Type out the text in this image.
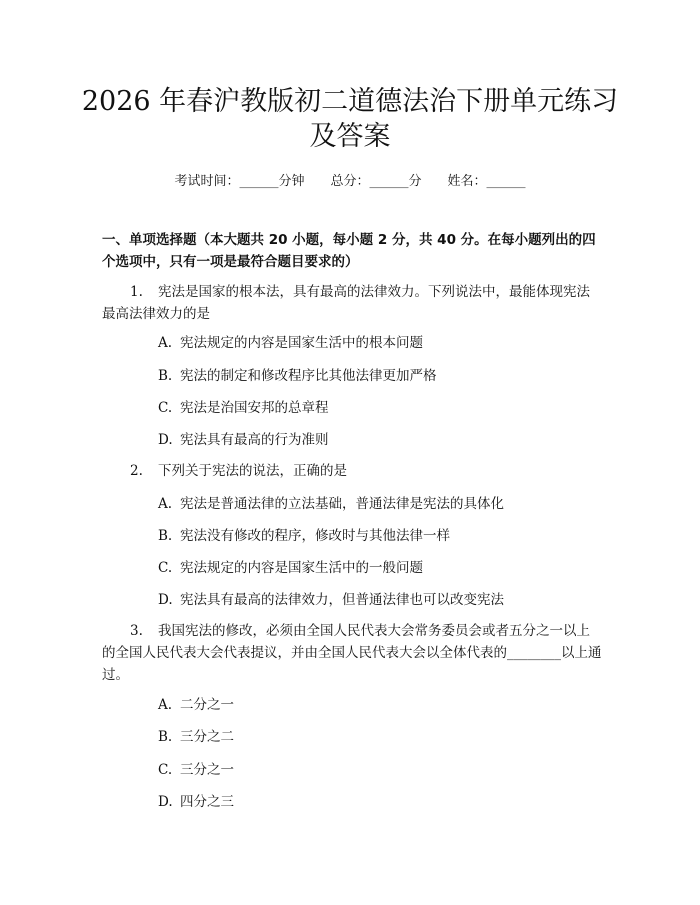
2026 年春沪教版初二道德法治下册单元练习
及答案
考试时间：______分钟 总分：______分 姓名：______
一、单项选择题（本大题共 20 小题，每小题 2 分，共 40 分。在每小题列出的四个选项中，只有一项是最符合题目要求的）
1. 宪法是国家的根本法，具有最高的法律效力。下列说法中，最能体现宪法最高法律效力的是
A. 宪法规定的内容是国家生活中的根本问题
B. 宪法的制定和修改程序比其他法律更加严格
C. 宪法是治国安邦的总章程
D. 宪法具有最高的行为准则
2. 下列关于宪法的说法，正确的是
A. 宪法是普通法律的立法基础，普通法律是宪法的具体化
B. 宪法没有修改的程序，修改时与其他法律一样
C. 宪法规定的内容是国家生活中的一般问题
D. 宪法具有最高的法律效力，但普通法律也可以改变宪法
3. 我国宪法的修改，必须由全国人民代表大会常务委员会或者五分之一以上的全国人民代表大会代表提议，并由全国人民代表大会以全体代表的________以上通过。
A. 二分之一
B. 三分之二
C. 三分之一
D. 四分之三
